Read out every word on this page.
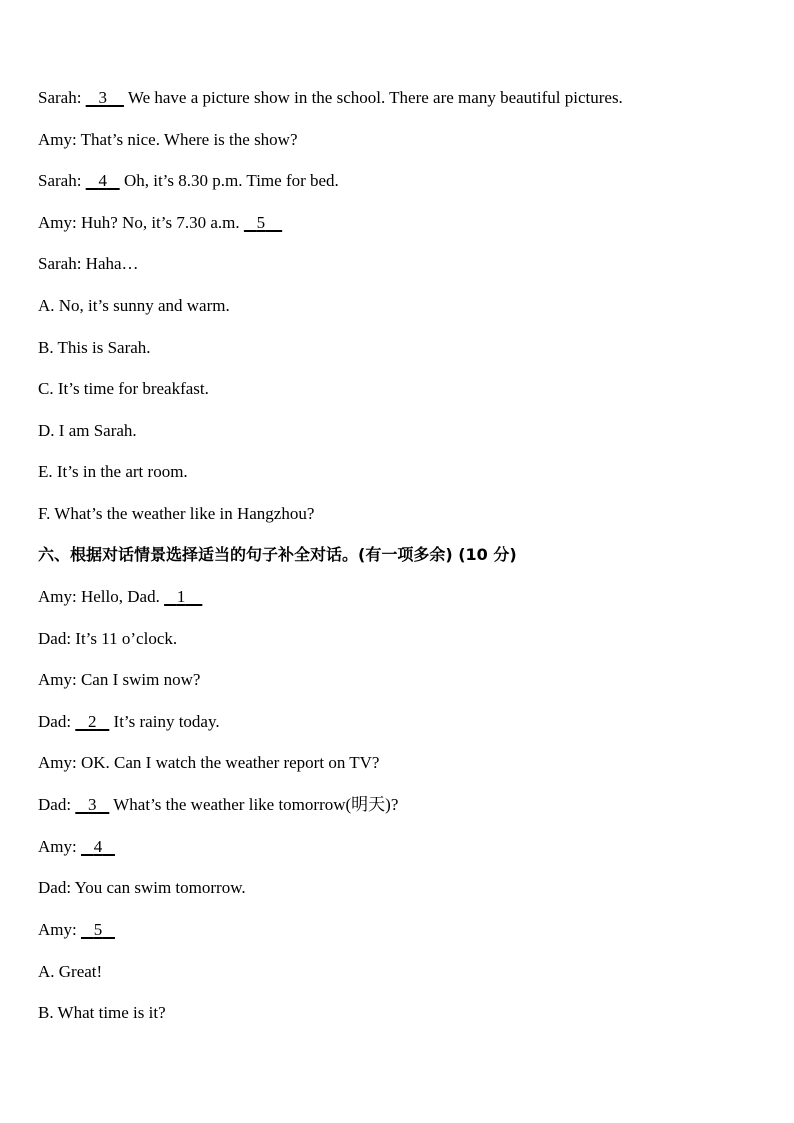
Sarah: 3 We have a picture show in the school. There are many beautiful pictures.
Amy: That’s nice. Where is the show?
Sarah: 4 Oh, it’s 8.30 p.m. Time for bed.
Amy: Huh? No, it’s 7.30 a.m. 5
Sarah: Haha…
A. No, it’s sunny and warm.
B. This is Sarah.
C. It’s time for breakfast.
D. I am Sarah.
E. It’s in the art room.
F. What’s the weather like in Hangzhou?
六、根据对话情景选择适当的句子补全对话。(有一项多余) (10 分)
Amy: Hello, Dad. 1
Dad: It’s 11 o’clock.
Amy: Can I swim now?
Dad: 2 It’s rainy today.
Amy: OK. Can I watch the weather report on TV?
Dad: 3 What’s the weather like tomorrow(明天)?
Amy: 4
Dad: You can swim tomorrow.
Amy: 5
A. Great!
B. What time is it?
